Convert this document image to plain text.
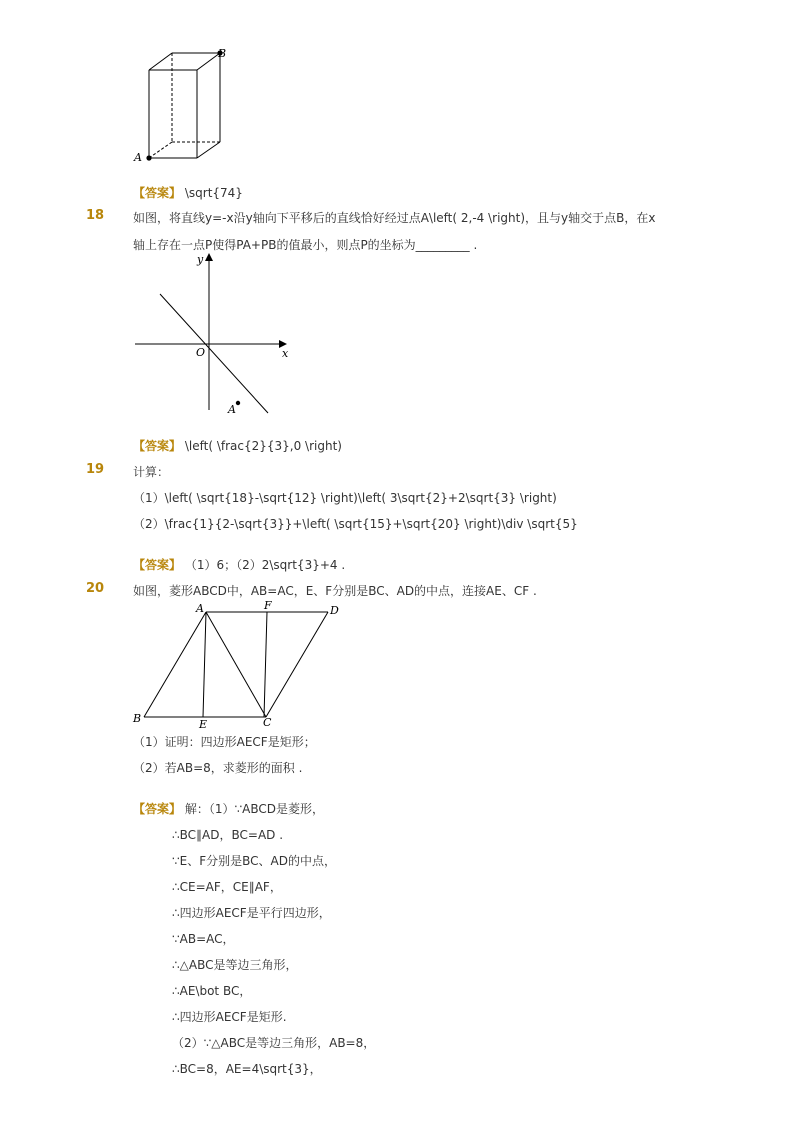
A
B
【答案】 \sqrt{74}
18 如图，将直线y=-x沿y轴向下平移后的直线恰好经过点A\left( 2,-4 \right)，且与y轴交于点B，在x
轴上存在一点P使得PA+PB的值最小，则点P的坐标为_________ .
y
x
O
A
【答案】 \left( \frac{2}{3},0 \right)
19 计算：
（1）\left( \sqrt{18}-\sqrt{12} \right)\left( 3\sqrt{2}+2\sqrt{3} \right)
（2）\frac{1}{2-\sqrt{3}}+\left( \sqrt{15}+\sqrt{20} \right)\div \sqrt{5}
【答案】 （1）6；（2）2\sqrt{3}+4 .
20 如图，菱形ABCD中，AB=AC，E、F分别是BC、AD的中点，连接AE、CF .
A	F	D
B	E	C
（1）证明：四边形AECF是矩形；
（2）若AB=8，求菱形的面积 .
【答案】 解：（1）∵ABCD是菱形，
∴BC∥AD，BC=AD .
∵E、F分别是BC、AD的中点，
∴CE=AF，CE∥AF，
∴四边形AECF是平行四边形，
∵AB=AC，
∴△ABC是等边三角形，
∴AE\bot BC，
∴四边形AECF是矩形.
（2）∵△ABC是等边三角形，AB=8，
∴BC=8，AE=4\sqrt{3}，
